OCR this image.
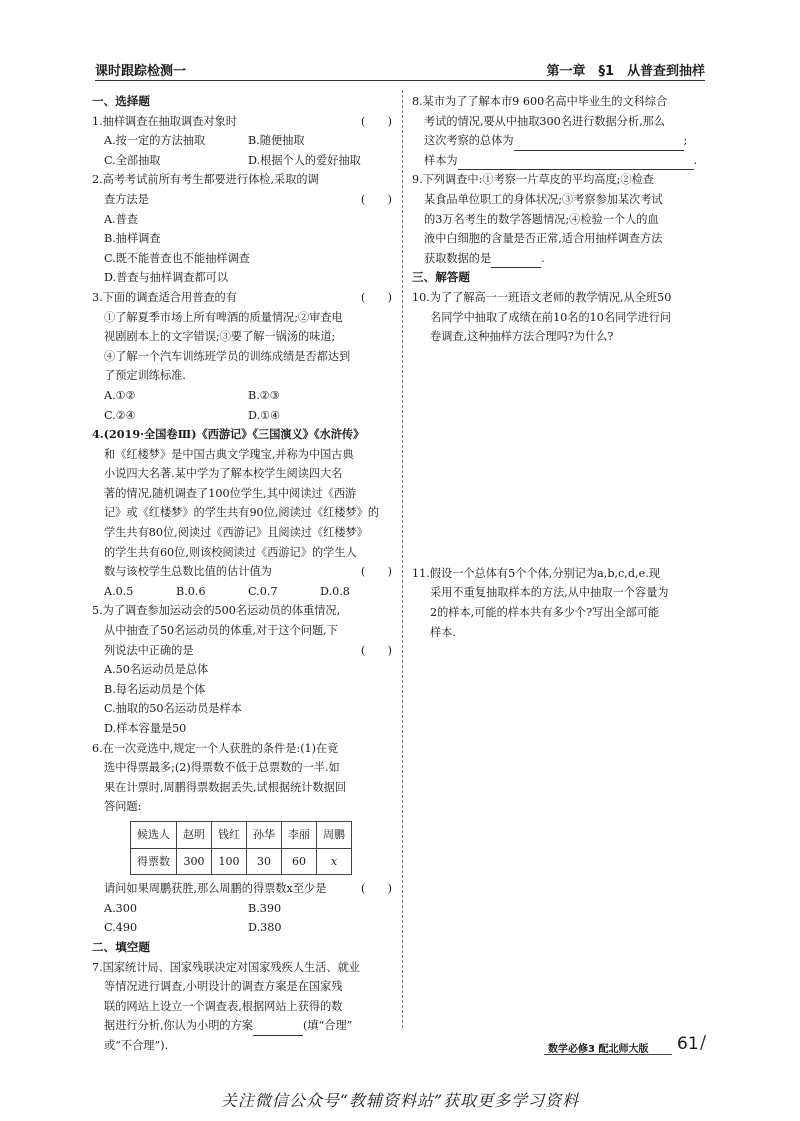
课时跟踪检测一	第一章　§1　从普查到抽样
一、选择题

1.抽样调查在抽取调查对象时	(　　)

A.按一定的方法抽取	B.随便抽取
C.全部抽取	D.根据个人的爱好抽取

2.高考考试前所有考生都要进行体检,采取的调

查方法是	(　　)
A.普查
B.抽样调查
C.既不能普查也不能抽样调查
D.普查与抽样调查都可以

3.下面的调查适合用普查的有	(　　)

①了解夏季市场上所有啤酒的质量情况;②审查电
视剧剧本上的文字错误;③要了解一锅汤的味道;
④了解一个汽车训练班学员的训练成绩是否都达到
了预定训练标准.
A.①②	B.②③
C.②④	D.①④

4.(2019·全国卷Ⅲ)《西游记》《三国演义》《水浒传》

和《红楼梦》是中国古典文学瑰宝,并称为中国古典
小说四大名著.某中学为了解本校学生阅读四大名
著的情况,随机调查了100位学生,其中阅读过《西游
记》或《红楼梦》的学生共有90位,阅读过《红楼梦》的
学生共有80位,阅读过《西游记》且阅读过《红楼梦》
的学生共有60位,则该校阅读过《西游记》的学生人
数与该校学生总数比值的估计值为	(　　)
A.0.5	B.0.6	C.0.7	D.0.8

5.为了调查参加运动会的500名运动员的体重情况,

从中抽查了50名运动员的体重,对于这个问题,下
列说法中正确的是	(　　)
A.50名运动员是总体
B.每名运动员是个体
C.抽取的50名运动员是样本
D.样本容量是50

6.在一次竞选中,规定一个人获胜的条件是:(1)在竞

选中得票最多;(2)得票数不低于总票数的一半.如
果在计票时,周鹏得票数据丢失,试根据统计数据回
答问题:
候选人	赵明	钱红	孙华	李丽	周鹏
得票数	300	100	30	60	x
请问如果周鹏获胜,那么周鹏的得票数x至少是	(　　)
A.300	B.390
C.490	D.380
二、填空题

7.国家统计局、国家残联决定对国家残疾人生活、就业

等情况进行调查,小明设计的调查方案是在国家残
联的网站上设立一个调查表,根据网站上获得的数
据进行分析,你认为小明的方案	(填“合理”
或“不合理”).

8.某市为了了解本市9 600名高中毕业生的文科综合

考试的情况,要从中抽取300名进行数据分析,那么
这次考察的总体为	;
样本为	.

9.下列调查中:①考察一片草皮的平均高度;②检查

某食品单位职工的身体状况;③考察参加某次考试
的3万名考生的数学答题情况;④检验一个人的血
液中白细胞的含量是否正常,适合用抽样调查方法
获取数据的是	.
三、解答题

10.为了了解高一一班语文老师的教学情况,从全班50

名同学中抽取了成绩在前10名的10名同学进行问
卷调查,这种抽样方法合理吗?为什么?

11.假设一个总体有5个个体,分别记为a,b,c,d,e.现

采用不重复抽取样本的方法,从中抽取一个容量为
2的样本,可能的样本共有多少个?写出全部可能
样本.
数学必修3 配北师大版 61 /
关注微信公众号“教辅资料站”获取更多学习资料
